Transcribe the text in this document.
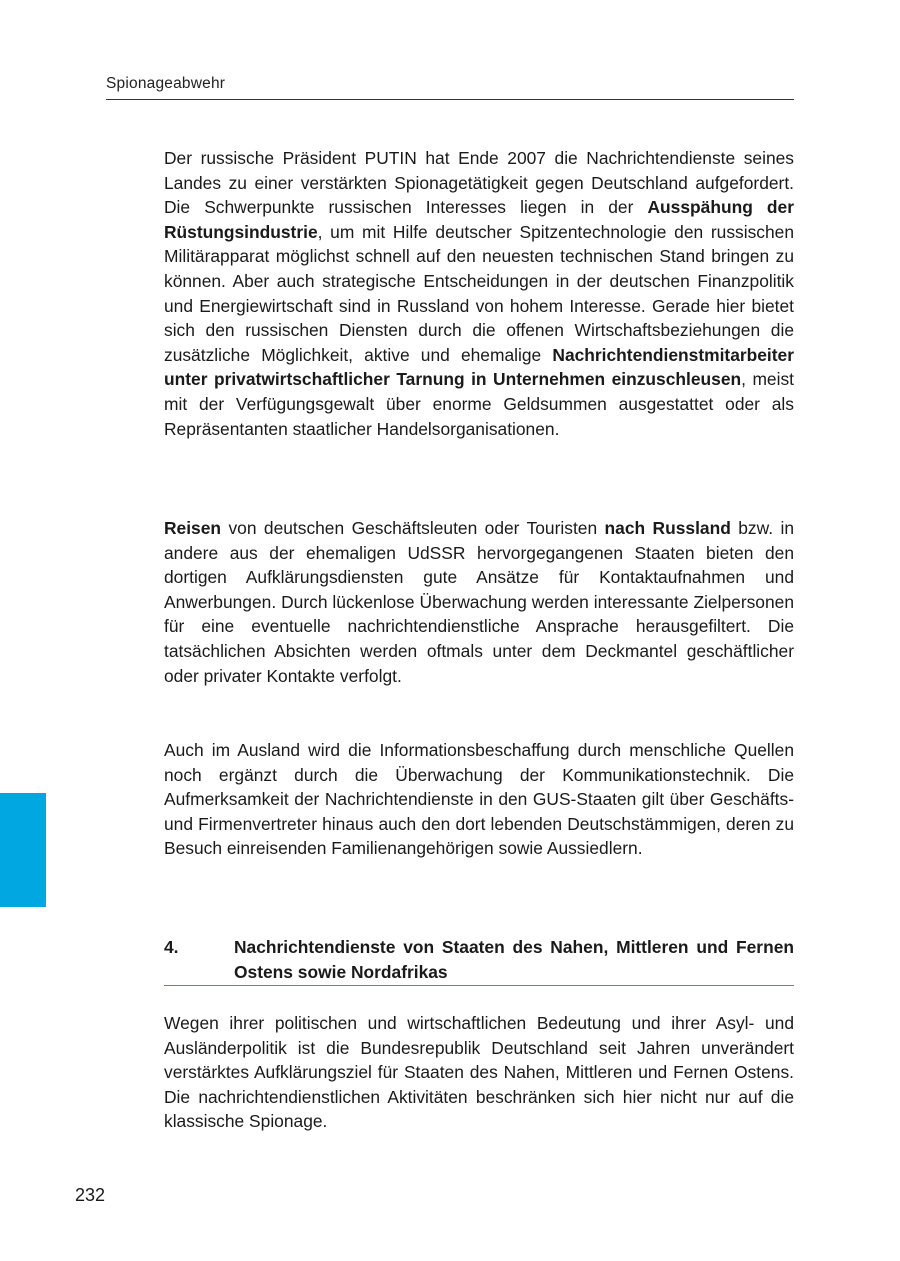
Spionageabwehr

Der russische Präsident PUTIN hat Ende 2007 die Nachrichtendienste seines Landes zu einer verstärkten Spionagetätigkeit gegen Deutschland aufgefordert. Die Schwerpunkte russischen Interesses liegen in der Ausspähung der Rüstungsindustrie, um mit Hilfe deutscher Spitzentechnologie den russischen Militärapparat möglichst schnell auf den neuesten technischen Stand bringen zu können. Aber auch strategische Entscheidungen in der deutschen Finanzpolitik und Energiewirtschaft sind in Russland von hohem Interesse. Gerade hier bietet sich den russischen Diensten durch die offenen Wirtschaftsbeziehungen die zusätzliche Möglichkeit, aktive und ehemalige Nachrichtendienstmitarbeiter unter privatwirtschaftlicher Tarnung in Unternehmen einzuschleusen, meist mit der Verfügungsgewalt über enorme Geldsummen ausgestattet oder als Repräsentanten staatlicher Handelsorganisationen.

Reisen von deutschen Geschäftsleuten oder Touristen nach Russland bzw. in andere aus der ehemaligen UdSSR hervorgegangenen Staaten bieten den dortigen Aufklärungsdiensten gute Ansätze für Kontaktaufnahmen und Anwerbungen. Durch lückenlose Überwachung werden interessante Zielpersonen für eine eventuelle nachrichtendienstliche Ansprache herausgefiltert. Die tatsächlichen Absichten werden oftmals unter dem Deckmantel geschäftlicher oder privater Kontakte verfolgt.

Auch im Ausland wird die Informationsbeschaffung durch menschliche Quellen noch ergänzt durch die Überwachung der Kommunikationstechnik. Die Aufmerksamkeit der Nachrichtendienste in den GUS-Staaten gilt über Geschäfts- und Firmenvertreter hinaus auch den dort lebenden Deutschstämmigen, deren zu Besuch einreisenden Familienangehörigen sowie Aussiedlern.

4.	Nachrichtendienste von Staaten des Nahen, Mittleren und Fernen Ostens sowie Nordafrikas

Wegen ihrer politischen und wirtschaftlichen Bedeutung und ihrer Asyl- und Ausländerpolitik ist die Bundesrepublik Deutschland seit Jahren unverändert verstärktes Aufklärungsziel für Staaten des Nahen, Mittleren und Fernen Ostens. Die nachrichtendienstlichen Aktivitäten beschränken sich hier nicht nur auf die klassische Spionage.

232
